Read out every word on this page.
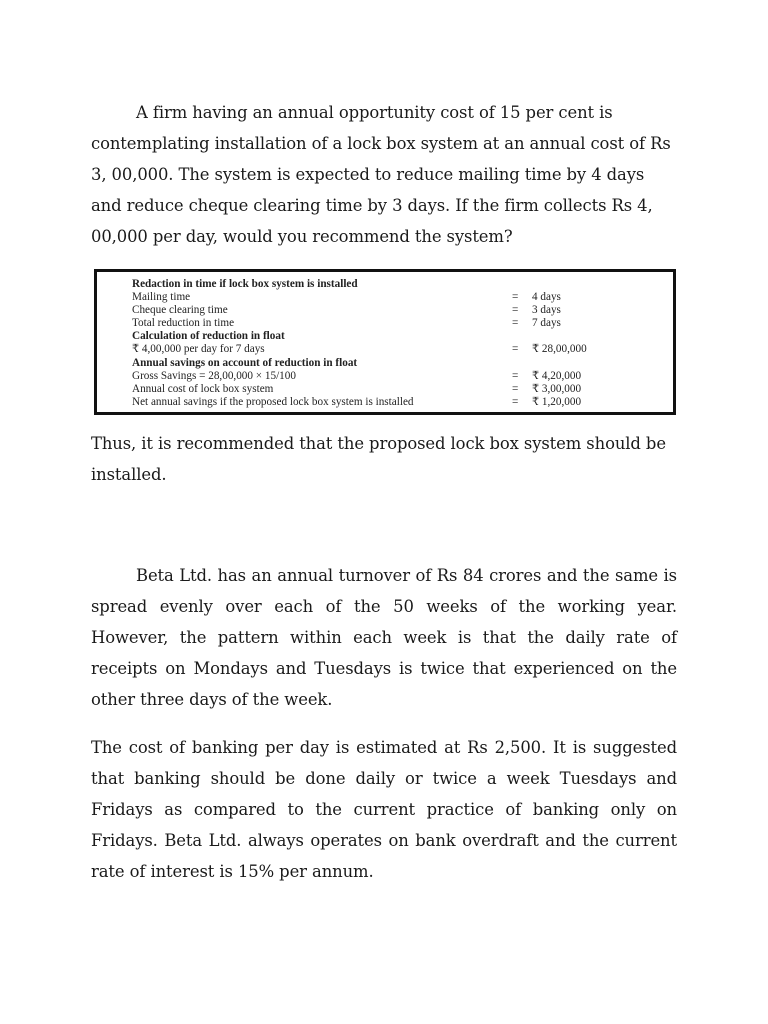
A firm having an annual opportunity cost of 15 per cent is contemplating installation of a lock box system at an annual cost of Rs 3, 00,000. The system is expected to reduce mailing time by 4 days and reduce cheque clearing time by 3 days. If the firm collects Rs 4, 00,000 per day, would you recommend the system?

Redaction in time if lock box system is installed
Mailing time	= 4 days
Cheque clearing time	= 3 days
Total reduction in time	= 7 days
Calculation of reduction in float
₹ 4,00,000 per day for 7 days	= ₹ 28,00,000
Annual savings on account of reduction in float
Gross Savings = 28,00,000 × 15/100	= ₹ 4,20,000
Annual cost of lock box system	= ₹ 3,00,000
Net annual savings if the proposed lock box system is installed	= ₹ 1,20,000

Thus, it is recommended that the proposed lock box system should be installed.

Beta Ltd. has an annual turnover of Rs 84 crores and the same is spread evenly over each of the 50 weeks of the working year. However, the pattern within each week is that the daily rate of receipts on Mondays and Tuesdays is twice that experienced on the other three days of the week.

The cost of banking per day is estimated at Rs 2,500. It is suggested that banking should be done daily or twice a week Tuesdays and Fridays as compared to the current practice of banking only on Fridays. Beta Ltd. always operates on bank overdraft and the current rate of interest is 15% per annum.
